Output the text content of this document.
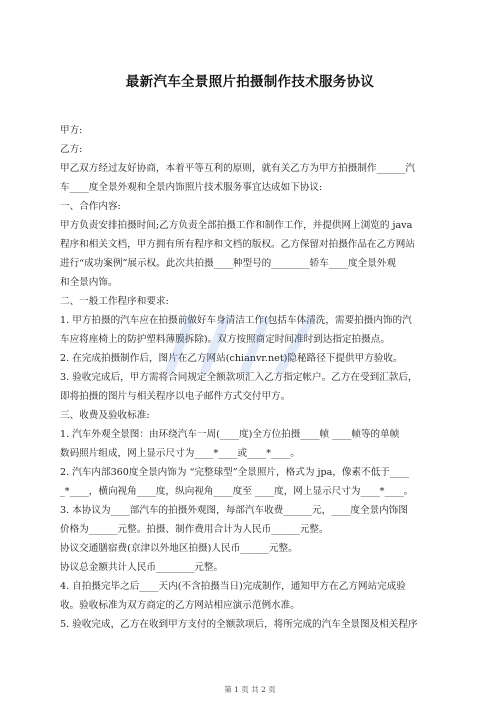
最新汽车全景照片拍摄制作技术服务协议
甲方:
乙方:
甲乙双方经过友好协商，本着平等互利的原则，就有关乙方为甲方拍摄制作______汽
车____度全景外观和全景内饰照片技术服务事宜达成如下协议:
一、合作内容:
甲方负责安排拍摄时间;乙方负责全部拍摄工作和制作工作，并提供网上浏览的 java
程序和相关文档，甲方拥有所有程序和文档的版权。乙方保留对拍摄作品在乙方网站
进行“成功案例”展示权。此次共拍摄____种型号的________轿车____度全景外观
和全景内饰。
二、一般工作程序和要求:
1. 甲方拍摄的汽车应在拍摄前做好车身清洁工作(包括车体清洗，需要拍摄内饰的汽
车应将座椅上的防护塑料薄膜拆除)。双方按照商定时间准时到达指定拍摄点。
2. 在完成拍摄制作后，图片在乙方网站(chianvr.net)隐秘路径下提供甲方验收。
3. 验收完成后，甲方需将合同规定全额款项汇入乙方指定帐户。乙方在受到汇款后，
即将拍摄的图片与相关程序以电子邮件方式交付甲方。
三、收费及验收标准:
1. 汽车外观全景图：由环绕汽车一周(____度)全方位拍摄____帧 ____帧等的单帧
数码照片组成，网上显示尺寸为____*____或____*____。
2. 汽车内部360度全景内饰为 “完整球型”全景照片，格式为 jpa，像素不低于____
_*____，横向视角____度，纵向视角____度至 ____度，网上显示尺寸为____*____。
3. 本协议为____部汽车的拍摄外观图，每部汽车收费______元，____度全景内饰图
价格为______元整。拍摄、制作费用合计为人民币______元整。
协议交通膳宿费(京津以外地区拍摄)人民币______元整。
协议总金额共计人民币________元整。
4. 自拍摄完毕之后____天内(不含拍摄当日)完成制作，通知甲方在乙方网站完成验
收。验收标准为双方商定的乙方网站相应演示范例水准。
5. 验收完成，乙方在收到甲方支付的全额款项后，将所完成的汽车全景图及相关程序
第 1 页 共 2 页
